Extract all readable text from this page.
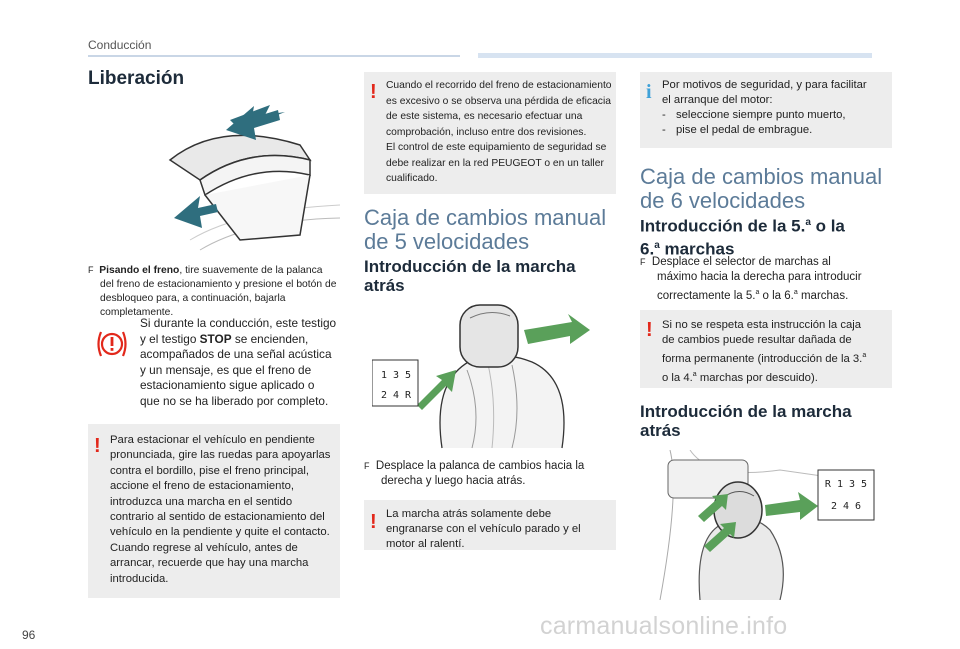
Conducción
Liberación
F Pisando el freno, tire suavemente de la palanca
del freno de estacionamiento y presione el botón de
desbloqueo para, a continuación, bajarla completamente.
Si durante la conducción, este testigo
y el testigo STOP se encienden,
acompañados de una señal acústica
y un mensaje, es que el freno de
estacionamiento sigue aplicado o
que no se ha liberado por completo.
! Para estacionar el vehículo en pendiente
pronunciada, gire las ruedas para apoyarlas
contra el bordillo, pise el freno principal,
accione el freno de estacionamiento,
introduzca una marcha en el sentido
contrario al sentido de estacionamiento del
vehículo en la pendiente y quite el contacto.
Cuando regrese al vehículo, antes de
arrancar, recuerde que hay una marcha
introducida.
! Cuando el recorrido del freno de estacionamiento
es excesivo o se observa una pérdida de eficacia
de este sistema, es necesario efectuar una
comprobación, incluso entre dos revisiones.
El control de este equipamiento de seguridad se
debe realizar en la red PEUGEOT o en un taller
cualificado.
Caja de cambios manual
de 5 velocidades
Introducción de la marcha
atrás
1 3 5
2 4 R
F Desplace la palanca de cambios hacia la
derecha y luego hacia atrás.
! La marcha atrás solamente debe
engranarse con el vehículo parado y el
motor al ralentí.
i Por motivos de seguridad, y para facilitar
el arranque del motor:
- seleccione siempre punto muerto,
- pise el pedal de embrague.
Caja de cambios manual
de 6 velocidades
Introducción de la 5.$^a$ o la
6.$^a$ marchas
F Desplace el selector de marchas al
máximo hacia la derecha para introducir
correctamente la 5.$^a$ o la 6.$^a$ marchas.
! Si no se respeta esta instrucción la caja
de cambios puede resultar dañada de
forma permanente (introducción de la 3.$^a$
o la 4.$^a$ marchas por descuido).
Introducción de la marcha
atrás
R 1 3 5
2 4 6
96	carmanualsonline.info
